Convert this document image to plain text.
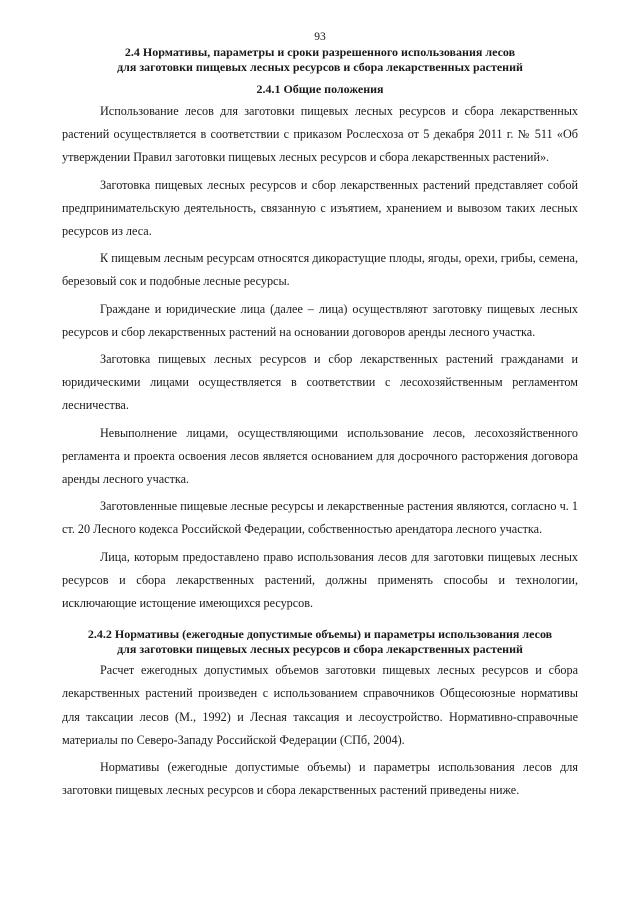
93
2.4 Нормативы, параметры и сроки разрешенного использования лесов
для заготовки пищевых лесных ресурсов и сбора лекарственных растений
2.4.1 Общие положения

Использование лесов для заготовки пищевых лесных ресурсов и сбора лекарственных растений осуществляется в соответствии с приказом Рослесхоза от 5 декабря 2011 г. № 511 «Об утверждении Правил заготовки пищевых лесных ресурсов и сбора лекарственных растений».

Заготовка пищевых лесных ресурсов и сбор лекарственных растений представляет собой предпринимательскую деятельность, связанную с изъятием, хранением и вывозом таких лесных ресурсов из леса.

К пищевым лесным ресурсам относятся дикорастущие плоды, ягоды, орехи, грибы, семена, березовый сок и подобные лесные ресурсы.

Граждане и юридические лица (далее – лица) осуществляют заготовку пищевых лесных ресурсов и сбор лекарственных растений на основании договоров аренды лесного участка.

Заготовка пищевых лесных ресурсов и сбор лекарственных растений гражданами и юридическими лицами осуществляется в соответствии с лесохозяйственным регламентом лесничества.

Невыполнение лицами, осуществляющими использование лесов, лесохозяйственного регламента и проекта освоения лесов является основанием для досрочного расторжения договора аренды лесного участка.

Заготовленные пищевые лесные ресурсы и лекарственные растения являются, согласно ч. 1 ст. 20 Лесного кодекса Российской Федерации, собственностью арендатора лесного участка.

Лица, которым предоставлено право использования лесов для заготовки пищевых лесных ресурсов и сбора лекарственных растений, должны применять способы и технологии, исключающие истощение имеющихся ресурсов.

2.4.2 Нормативы (ежегодные допустимые объемы) и параметры использования лесов
для заготовки пищевых лесных ресурсов и сбора лекарственных растений

Расчет ежегодных допустимых объемов заготовки пищевых лесных ресурсов и сбора лекарственных растений произведен с использованием справочников Общесоюзные нормативы для таксации лесов (М., 1992) и Лесная таксация и лесоустройство. Нормативно-справочные материалы по Северо-Западу Российской Федерации (СПб, 2004).

Нормативы (ежегодные допустимые объемы) и параметры использования лесов для заготовки пищевых лесных ресурсов и сбора лекарственных растений приведены ниже.
